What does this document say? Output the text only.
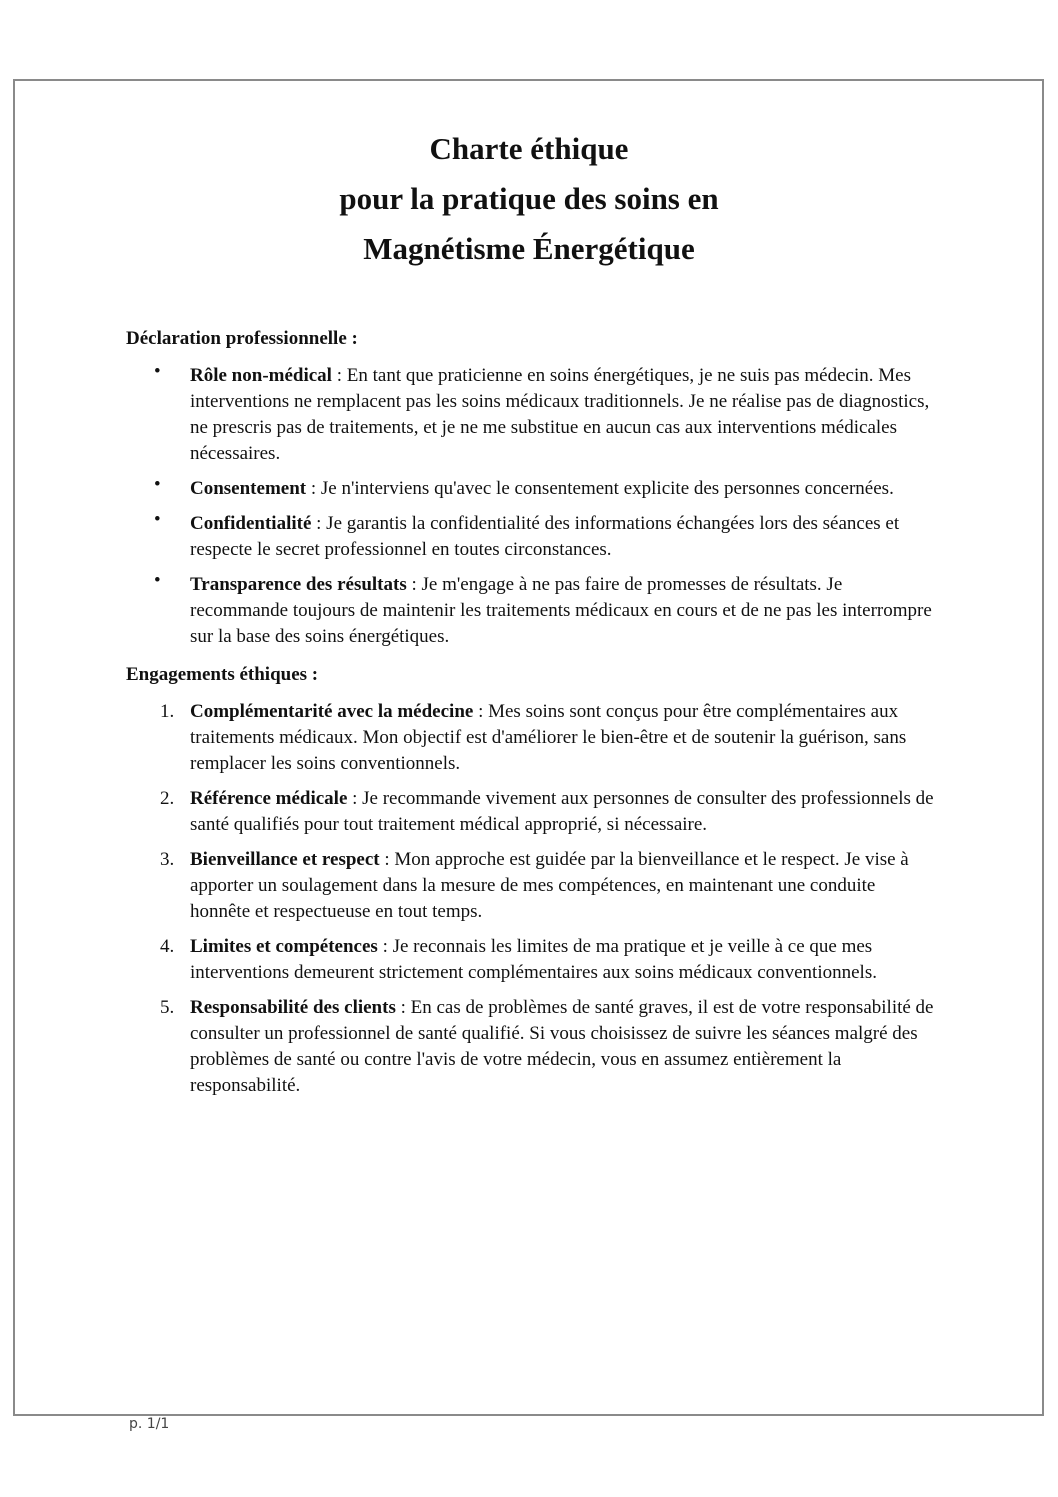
Charte éthique
pour la pratique des soins en
Magnétisme Énergétique
Déclaration professionnelle :
• Rôle non-médical : En tant que praticienne en soins énergétiques, je ne suis pas médecin. Mes interventions ne remplacent pas les soins médicaux traditionnels. Je ne réalise pas de diagnostics, ne prescris pas de traitements, et je ne me substitue en aucun cas aux interventions médicales nécessaires.
• Consentement : Je n'interviens qu'avec le consentement explicite des personnes concernées.
• Confidentialité : Je garantis la confidentialité des informations échangées lors des séances et respecte le secret professionnel en toutes circonstances.
• Transparence des résultats : Je m'engage à ne pas faire de promesses de résultats. Je recommande toujours de maintenir les traitements médicaux en cours et de ne pas les interrompre sur la base des soins énergétiques.
Engagements éthiques :
1. Complémentarité avec la médecine : Mes soins sont conçus pour être complémentaires aux traitements médicaux. Mon objectif est d'améliorer le bien-être et de soutenir la guérison, sans remplacer les soins conventionnels.
2. Référence médicale : Je recommande vivement aux personnes de consulter des professionnels de santé qualifiés pour tout traitement médical approprié, si nécessaire.
3. Bienveillance et respect : Mon approche est guidée par la bienveillance et le respect. Je vise à apporter un soulagement dans la mesure de mes compétences, en maintenant une conduite honnête et respectueuse en tout temps.
4. Limites et compétences : Je reconnais les limites de ma pratique et je veille à ce que mes interventions demeurent strictement complémentaires aux soins médicaux conventionnels.
5. Responsabilité des clients : En cas de problèmes de santé graves, il est de votre responsabilité de consulter un professionnel de santé qualifié. Si vous choisissez de suivre les séances malgré des problèmes de santé ou contre l'avis de votre médecin, vous en assumez entièrement la responsabilité.
p. 1/1
